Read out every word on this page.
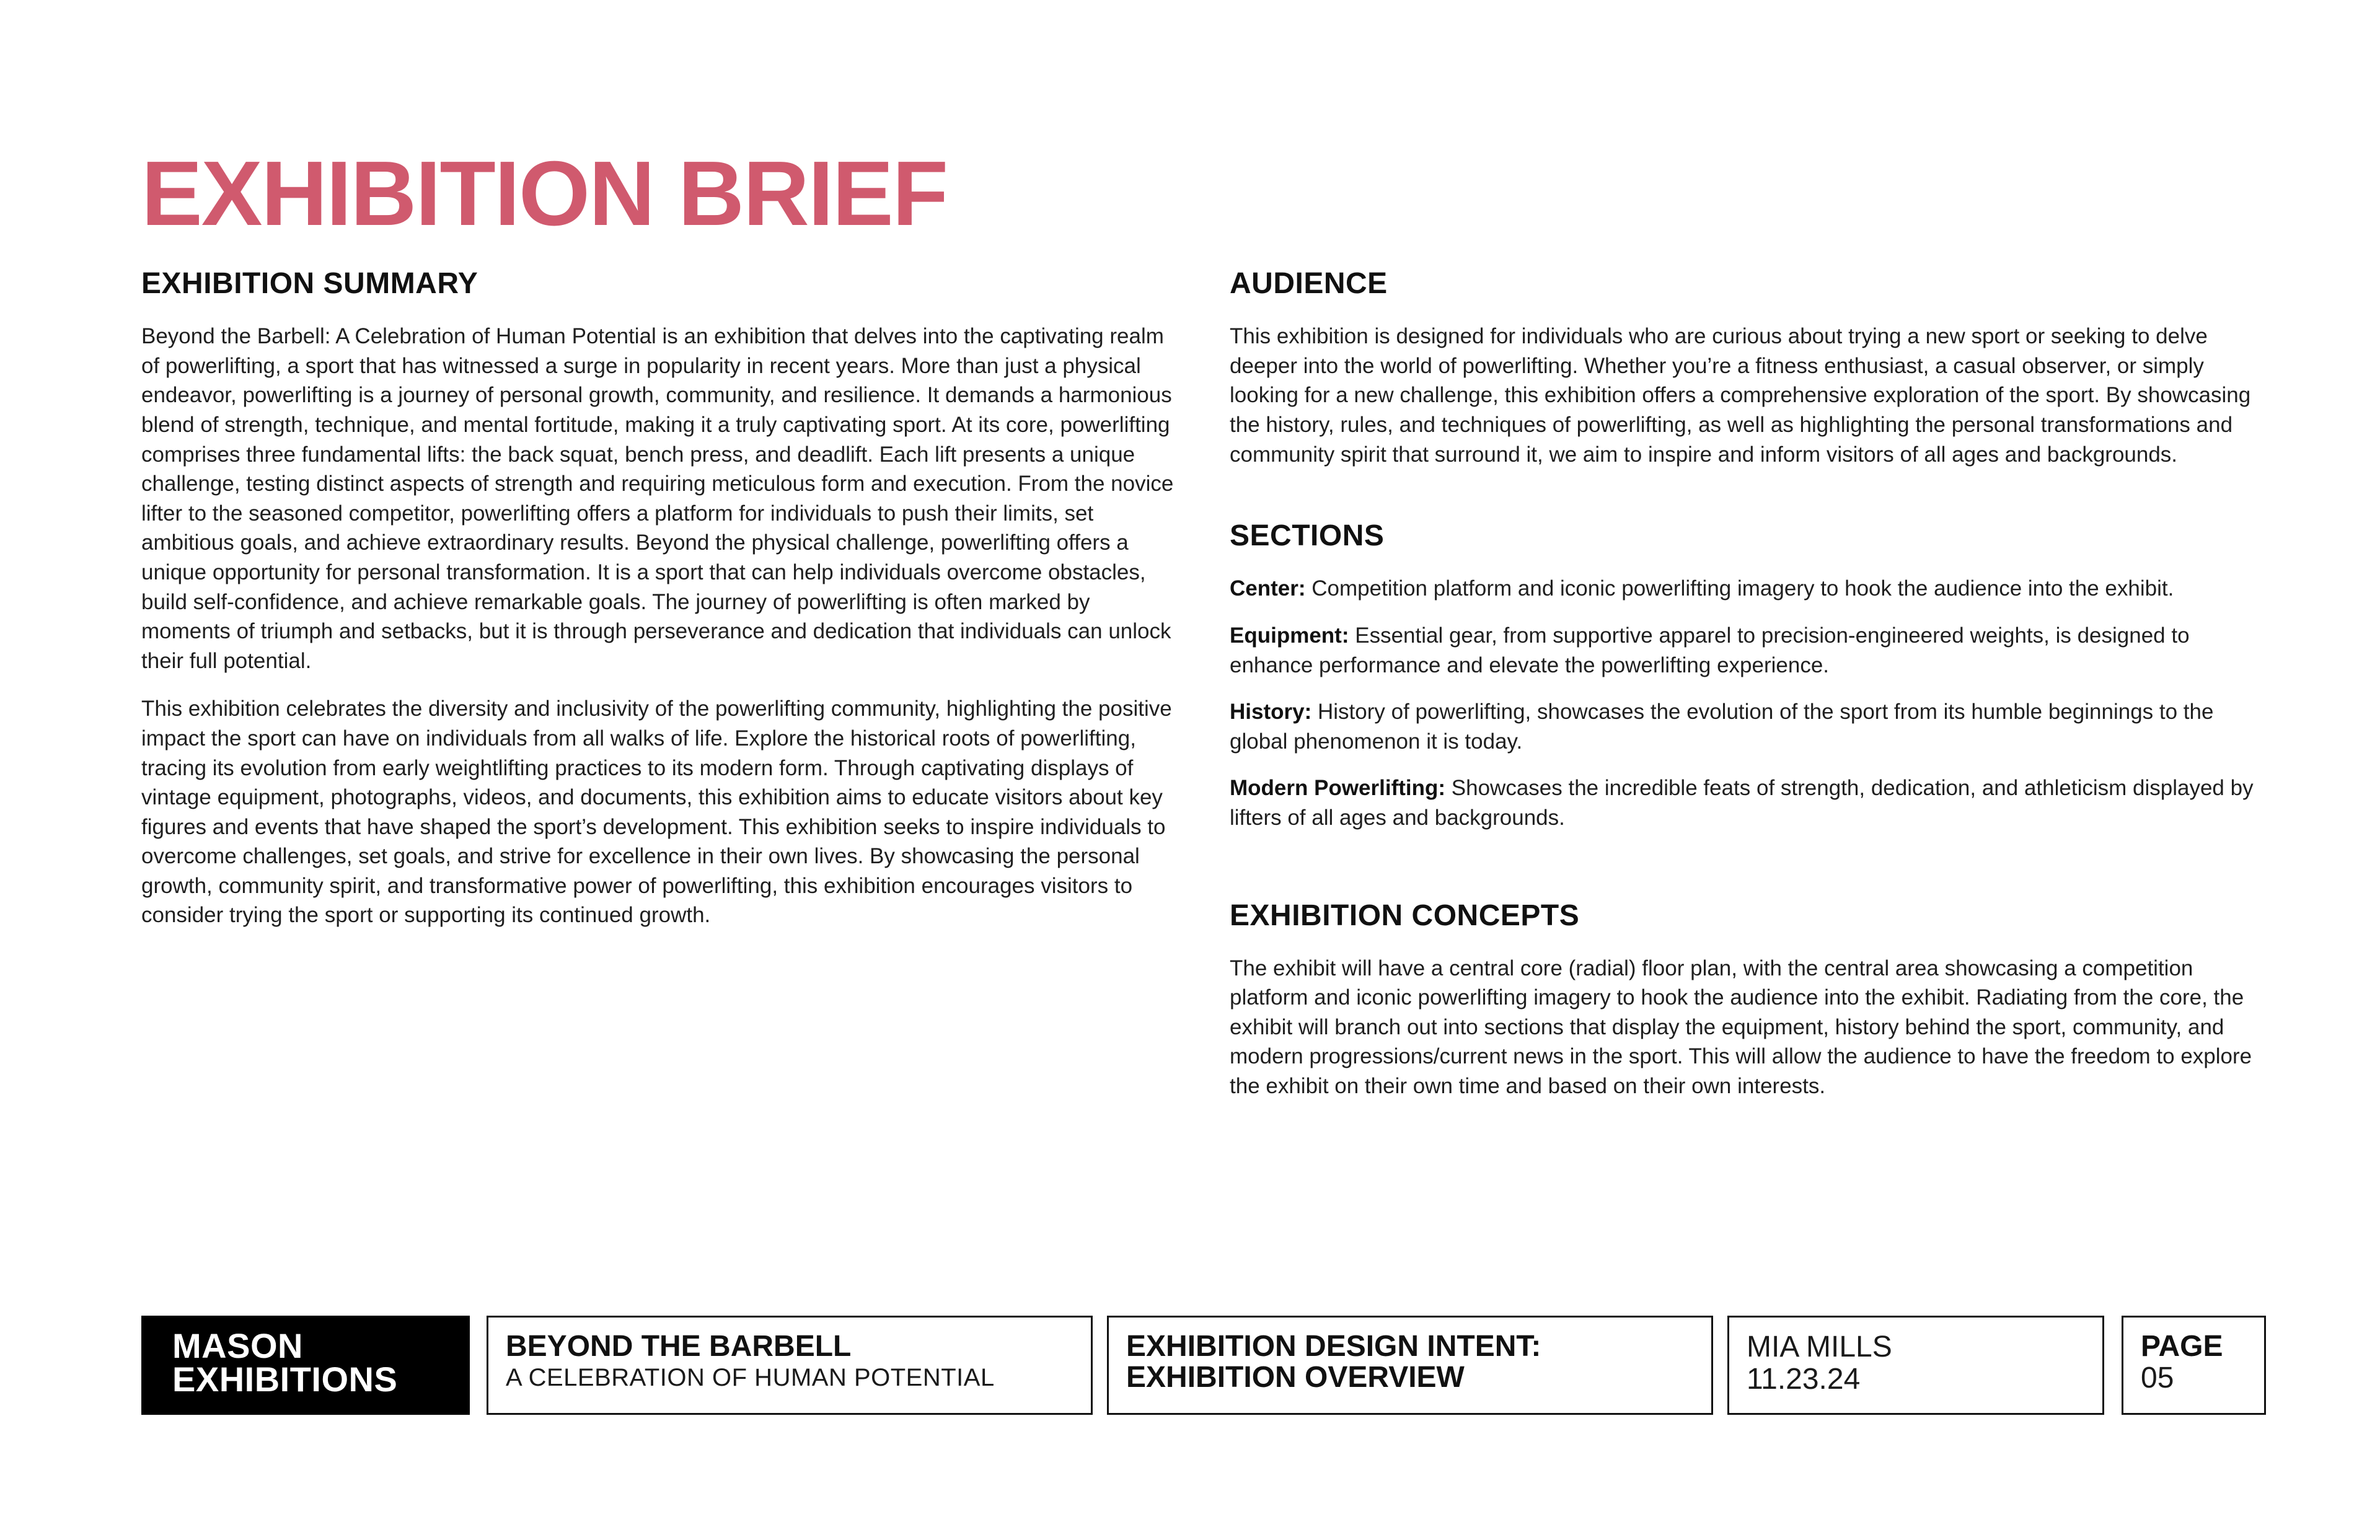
EXHIBITION BRIEF
EXHIBITION SUMMARY

Beyond the Barbell: A Celebration of Human Potential is an exhibition that delves into the captivating realm of powerlifting, a sport that has witnessed a surge in popularity in recent years. More than just a physical endeavor, powerlifting is a journey of personal growth, community, and resilience. It demands a harmonious blend of strength, technique, and mental fortitude, making it a truly captivating sport. At its core, powerlifting comprises three fundamental lifts: the back squat, bench press, and deadlift. Each lift presents a unique challenge, testing distinct aspects of strength and requiring meticulous form and execution. From the novice lifter to the seasoned competitor, powerlifting offers a platform for individuals to push their limits, set ambitious goals, and achieve extraordinary results. Beyond the physical challenge, powerlifting offers a unique opportunity for personal transformation. It is a sport that can help individuals overcome obstacles, build self-confidence, and achieve remarkable goals. The journey of powerlifting is often marked by moments of triumph and setbacks, but it is through perseverance and dedication that individuals can unlock their full potential.

This exhibition celebrates the diversity and inclusivity of the powerlifting community, highlighting the positive impact the sport can have on individuals from all walks of life. Explore the historical roots of powerlifting, tracing its evolution from early weightlifting practices to its modern form. Through captivating displays of vintage equipment, photographs, videos, and documents, this exhibition aims to educate visitors about key figures and events that have shaped the sport’s development. This exhibition seeks to inspire individuals to overcome challenges, set goals, and strive for excellence in their own lives. By showcasing the personal growth, community spirit, and transformative power of powerlifting, this exhibition encourages visitors to consider trying the sport or supporting its continued growth.

AUDIENCE

This exhibition is designed for individuals who are curious about trying a new sport or seeking to delve deeper into the world of powerlifting. Whether you’re a fitness enthusiast, a casual observer, or simply looking for a new challenge, this exhibition offers a comprehensive exploration of the sport. By showcasing the history, rules, and techniques of powerlifting, as well as highlighting the personal transformations and community spirit that surround it, we aim to inspire and inform visitors of all ages and backgrounds.

SECTIONS

Center: Competition platform and iconic powerlifting imagery to hook the audience into the exhibit.

Equipment: Essential gear, from supportive apparel to precision-engineered weights, is designed to enhance performance and elevate the powerlifting experience.

History: History of powerlifting, showcases the evolution of the sport from its humble beginnings to the global phenomenon it is today.

Modern Powerlifting: Showcases the incredible feats of strength, dedication, and athleticism displayed by lifters of all ages and backgrounds.

EXHIBITION CONCEPTS

The exhibit will have a central core (radial) floor plan, with the central area showcasing a competition platform and iconic powerlifting imagery to hook the audience into the exhibit. Radiating from the core, the exhibit will branch out into sections that display the equipment, history behind the sport, community, and modern progressions/current news in the sport. This will allow the audience to have the freedom to explore the exhibit on their own time and based on their own interests.

MASON
EXHIBITIONS
BEYOND THE BARBELL
A CELEBRATION OF HUMAN POTENTIAL
EXHIBITION DESIGN INTENT:
EXHIBITION OVERVIEW
MIA MILLS
11.23.24
PAGE
05
